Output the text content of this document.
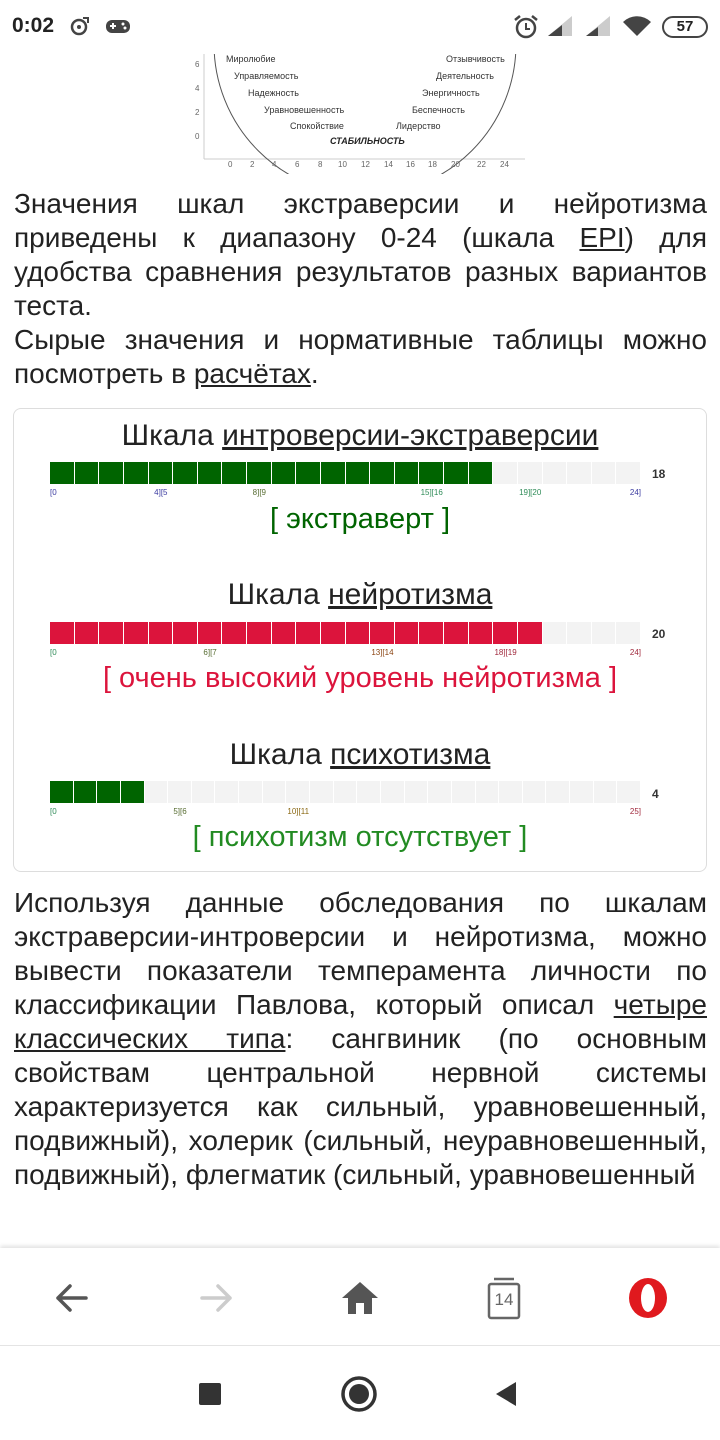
0:02	57
6
4
2
0
Миролюбие
Управляемость
Надежность
Уравновешенность
Спокойствие
Отзывчивость
Деятельность
Энергичность
Беспечность
Лидерство
СТАБИЛЬНОСТЬ
0 2 4 6 8 10 12 14 16 18 20 22 24

Значения шкал экстраверсии и нейротизма приведены к диапазону 0-24 (шкала EPI) для удобства сравнения результатов разных вариантов теста.

Сырые значения и нормативные таблицы можно посмотреть в расчётах.

Шкала интроверсии-экстраверсии
18
[0	4][5	8][9	15][16	19][20	24]
[ экстраверт ]
Шкала нейротизма
20
[0	6][7	13][14	18][19	24]
[ очень высокий уровень нейротизма ]
Шкала психотизма
4
[0	5][6	10][11	25]
[ психотизм отсутствует ]

Используя данные обследования по шкалам экстраверсии-интроверсии и нейротизма, можно вывести показатели темперамента личности по классификации Павлова, который описал четыре классических типа: сангвиник (по основным свойствам центральной нервной системы характеризуется как сильный, уравновешенный, подвижный), холерик (сильный, неуравновешенный, подвижный), флегматик (сильный, уравновешенный

14
